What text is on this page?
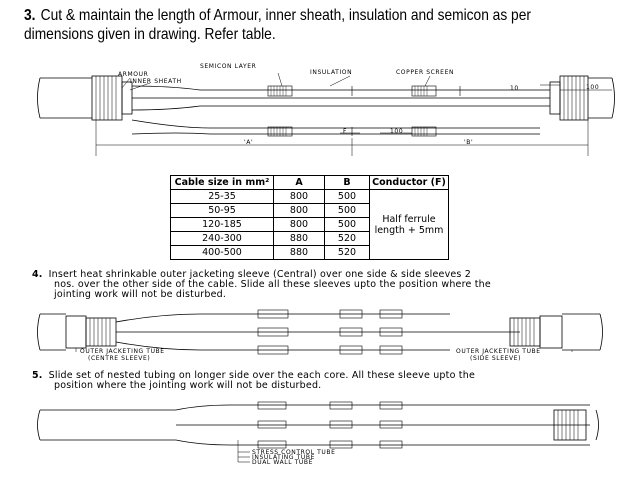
3. Cut & maintain the length of Armour, inner sheath, insulation and semicon as per
dimensions given in drawing. Refer table.
SEMICON LAYER
INSULATION	COPPER SCREEN
ARMOUR
INNER SHEATH
10	100
F	100
'A'	'B'
Cable size in mm²	A	B	Conductor (F)
25-35	800	500	Half ferrule length + 5mm
50-95	800	500	
120-185	800	500	
240-300	880	520	
400-500	880	520	
4. Insert heat shrinkable outer jacketing sleeve (Central) over one side & side sleeves 2
nos. over the other side of the cable. Slide all these sleeves upto the position where the
jointing work will not be disturbed.
OUTER JACKETING TUBE
(CENTRE SLEEVE)
OUTER JACKETING TUBE
(SIDE SLEEVE)
5. Slide set of nested tubing on longer side over the each core. All these sleeve upto the
position where the jointing work will not be disturbed.
STRESS CONTROL TUBE
INSULATING TUBE
DUAL WALL TUBE
